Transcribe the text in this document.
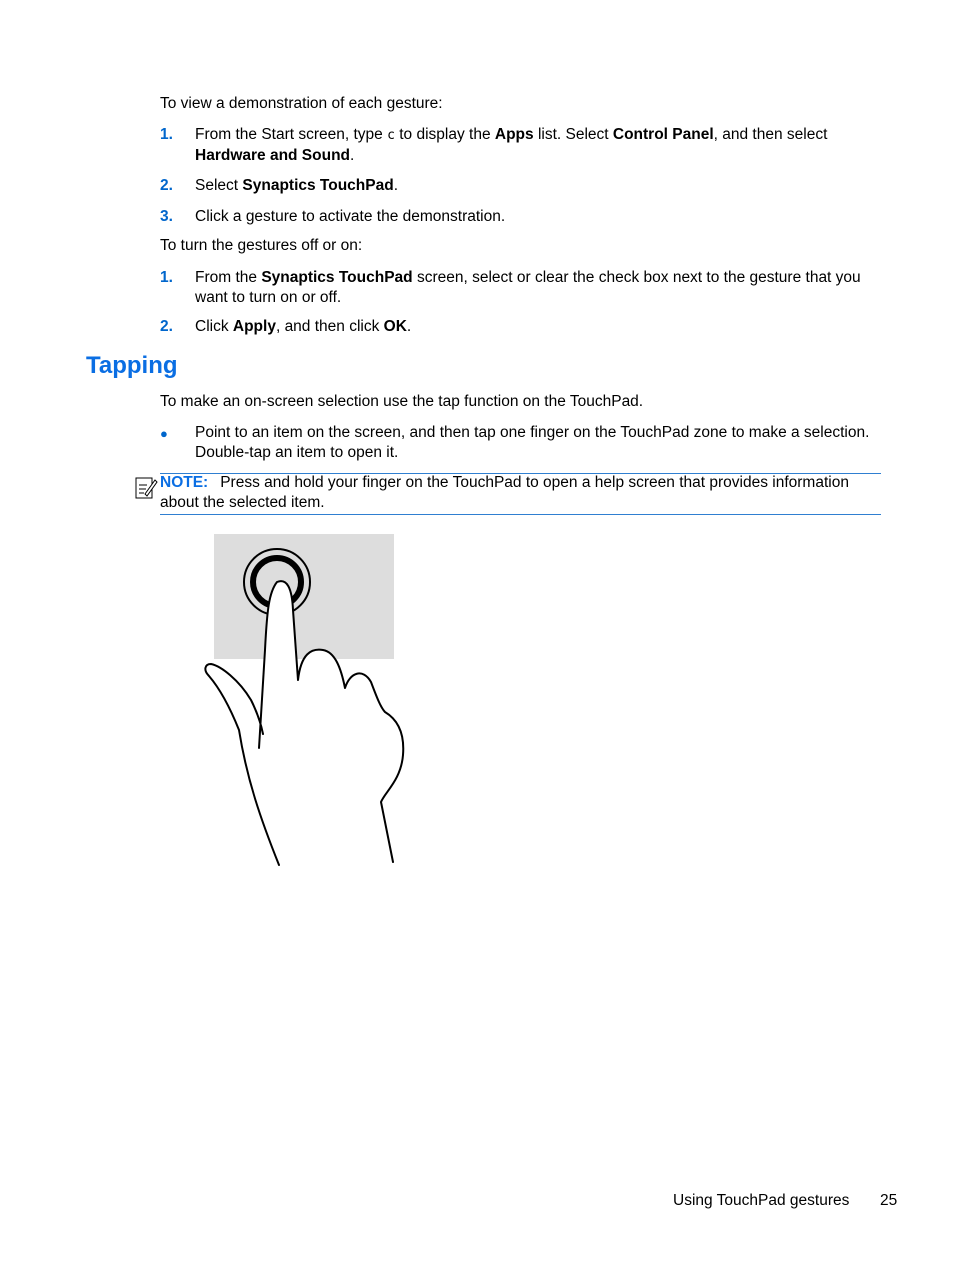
To view a demonstration of each gesture:
1. From the Start screen, type c to display the Apps list. Select Control Panel, and then select
Hardware and Sound.
2. Select Synaptics TouchPad.
3. Click a gesture to activate the demonstration.
To turn the gestures off or on:
1. From the Synaptics TouchPad screen, select or clear the check box next to the gesture that you want to turn on or off.
2. Click Apply, and then click OK.
Tapping
To make an on-screen selection use the tap function on the TouchPad.
● Point to an item on the screen, and then tap one finger on the TouchPad zone to make a selection. Double-tap an item to open it.
NOTE: Press and hold your finger on the TouchPad to open a help screen that provides information about the selected item.
Using TouchPad gestures 25
